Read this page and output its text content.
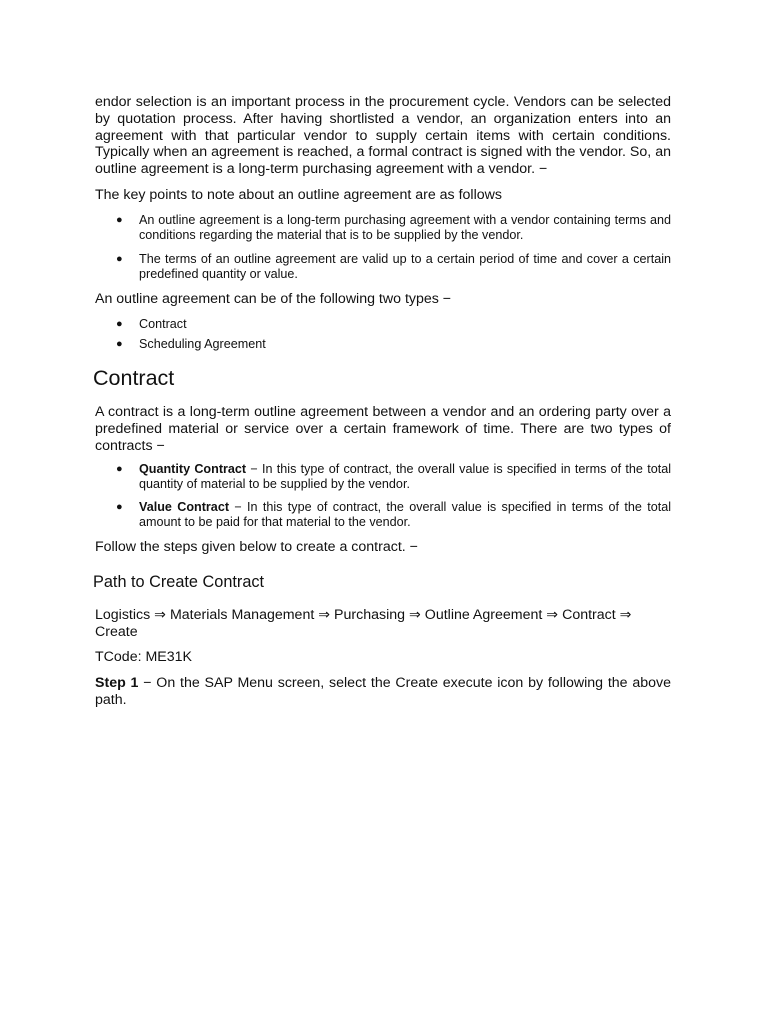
endor selection is an important process in the procurement cycle. Vendors can be selected by quotation process. After having shortlisted a vendor, an organization enters into an agreement with that particular vendor to supply certain items with certain conditions. Typically when an agreement is reached, a formal contract is signed with the vendor. So, an outline agreement is a long-term purchasing agreement with a vendor. −

The key points to note about an outline agreement are as follows

● An outline agreement is a long-term purchasing agreement with a vendor containing terms and conditions regarding the material that is to be supplied by the vendor.
● The terms of an outline agreement are valid up to a certain period of time and cover a certain predefined quantity or value.

An outline agreement can be of the following two types −

● Contract
● Scheduling Agreement
Contract

A contract is a long-term outline agreement between a vendor and an ordering party over a predefined material or service over a certain framework of time. There are two types of contracts −

● Quantity Contract − In this type of contract, the overall value is specified in terms of the total quantity of material to be supplied by the vendor.
● Value Contract − In this type of contract, the overall value is specified in terms of the total amount to be paid for that material to the vendor.

Follow the steps given below to create a contract. −

Path to Create Contract

Logistics ⇒ Materials Management ⇒ Purchasing ⇒ Outline Agreement ⇒ Contract ⇒ Create

TCode: ME31K

Step 1 − On the SAP Menu screen, select the Create execute icon by following the above path.
